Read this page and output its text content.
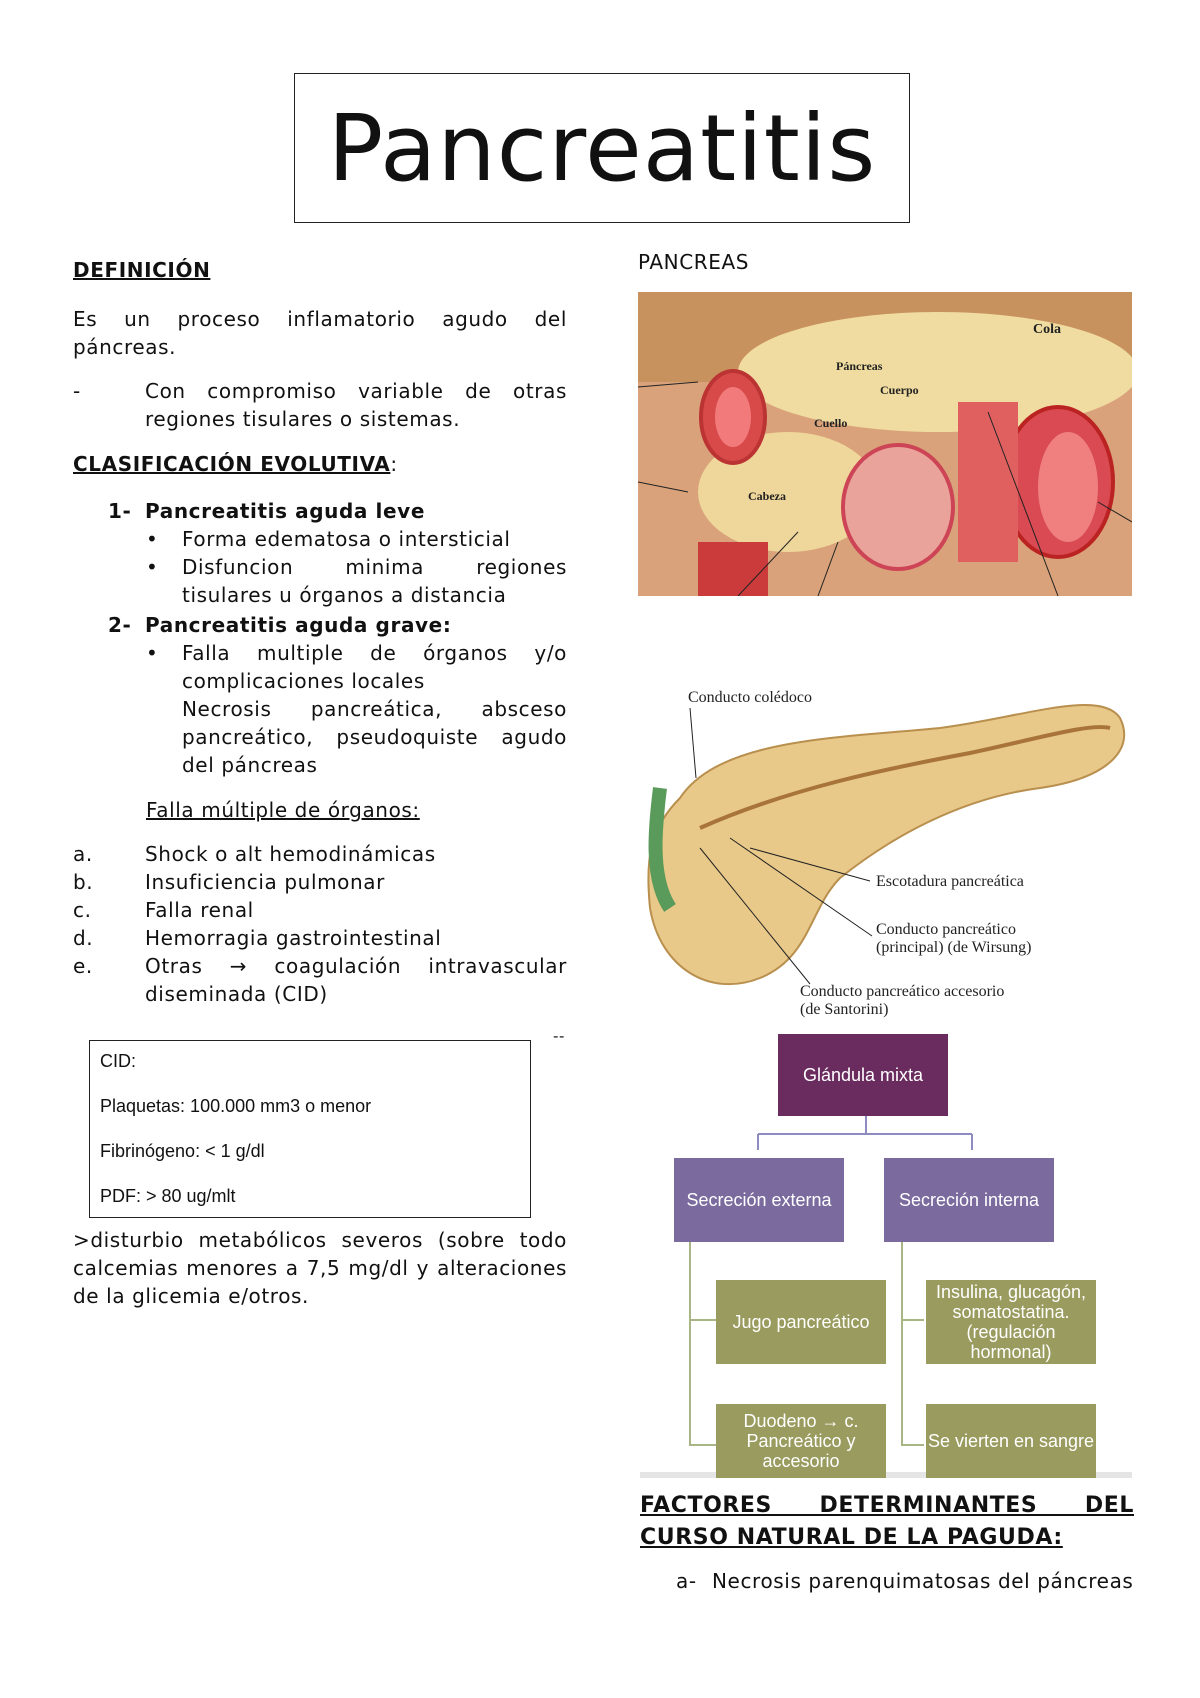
Pancreatitis
DEFINICIÓN
Es un proceso inflamatorio agudo del páncreas.
-	Con compromiso variable de otras regiones tisulares o sistemas.
CLASIFICACIÓN EVOLUTIVA:
1- Pancreatitis aguda leve
•	Forma edematosa o intersticial
•	Disfuncion minima regiones tisulares u órganos a distancia
2- Pancreatitis aguda grave:
•	Falla multiple de órganos y/o complicaciones locales
Necrosis pancreática, absceso pancreático, pseudoquiste agudo del páncreas
Falla múltiple de órganos:
a.	Shock o alt hemodinámicas
b.	Insuficiencia pulmonar
c.	Falla renal
d.	Hemorragia gastrointestinal
e.	Otras → coagulación intravascular diseminada (CID)
--
CID:
Plaquetas: 100.000 mm3 o menor
Fibrinógeno: < 1 g/dl
PDF: > 80 ug/mlt
>disturbio metabólicos severos (sobre todo calcemias menores a 7,5 mg/dl y alteraciones de la glicemia e/otros.
PANCREAS
Cola
Páncreas
Cuerpo
Cuello
Cabeza
Conducto colédoco
Escotadura pancreática
Conducto pancreático
(principal) (de Wirsung)
Conducto pancreático accesorio
(de Santorini)
Glándula mixta
Secreción externa	Secreción interna
Jugo pancreático
Insulina, glucagón, somatostatina. (regulación hormonal)
Duodeno → c. Pancreático y accesorio
Se vierten en sangre
FACTORES DETERMINANTES DEL CURSO NATURAL DE LA PAGUDA:
a- Necrosis parenquimatosas del páncreas
